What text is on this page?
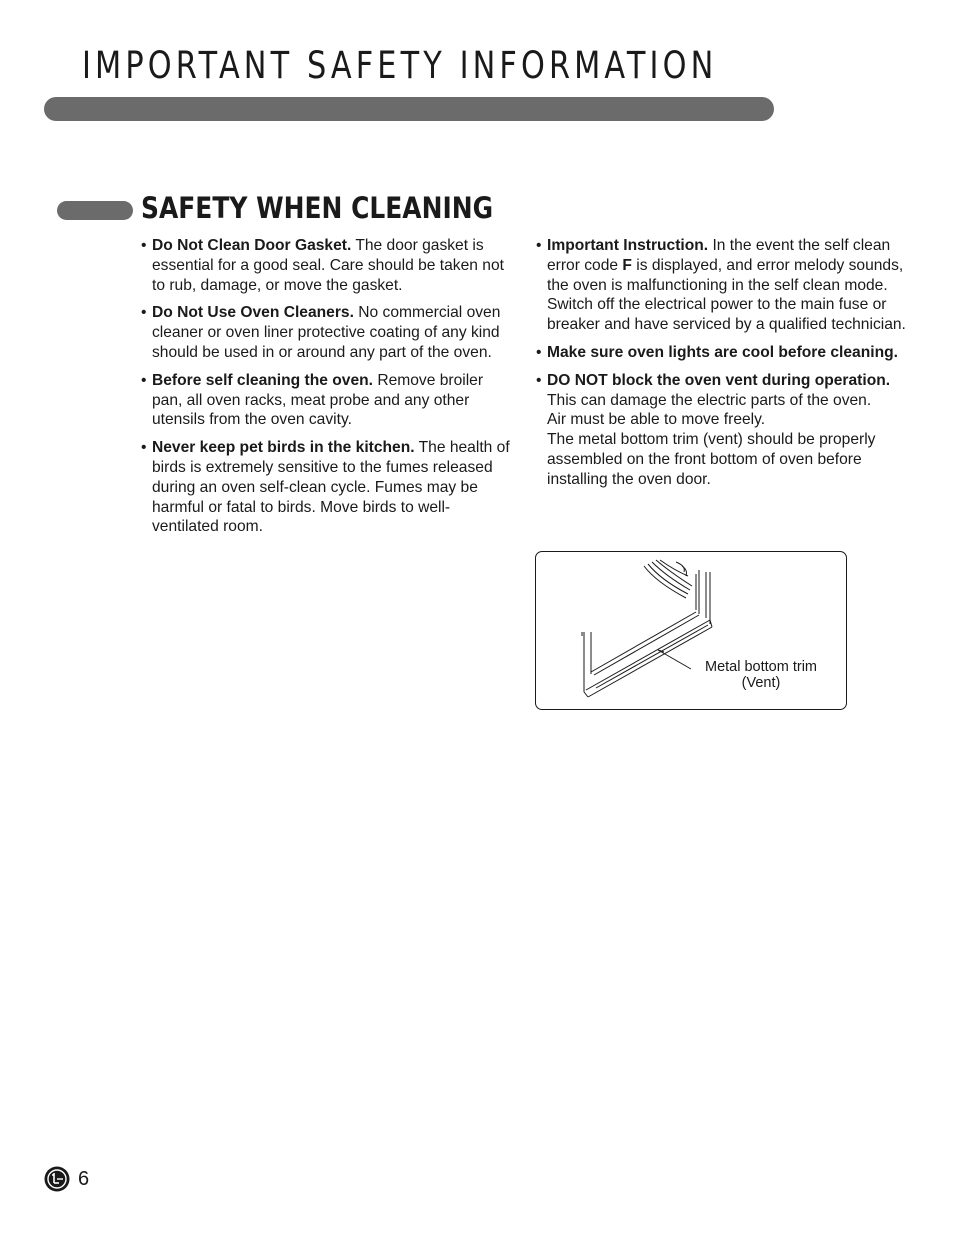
IMPORTANT SAFETY INFORMATION
SAFETY WHEN CLEANING
• Do Not Clean Door Gasket. The door gasket is essential for a good seal. Care should be taken not to rub, damage, or move the gasket.
• Do Not Use Oven Cleaners. No commercial oven cleaner or oven liner protective coating of any kind should be used in or around any part of the oven.
• Before self cleaning the oven. Remove broiler pan, all oven racks, meat probe and any other utensils from the oven cavity.
• Never keep pet birds in the kitchen. The health of birds is extremely sensitive to the fumes released during an oven self-clean cycle. Fumes may be harmful or fatal to birds. Move birds to well-ventilated room.
• Important Instruction. In the event the self clean error code F is displayed, and error melody sounds, the oven is malfunctioning in the self clean mode. Switch off the electrical power to the main fuse or breaker and have serviced by a qualified technician.
• Make sure oven lights are cool before cleaning.
• DO NOT block the oven vent during operation.
This can damage the electric parts of the oven.
Air must be able to move freely.
The metal bottom trim (vent) should be properly assembled on the front bottom of oven before installing the oven door.
Metal bottom trim
(Vent)
6
